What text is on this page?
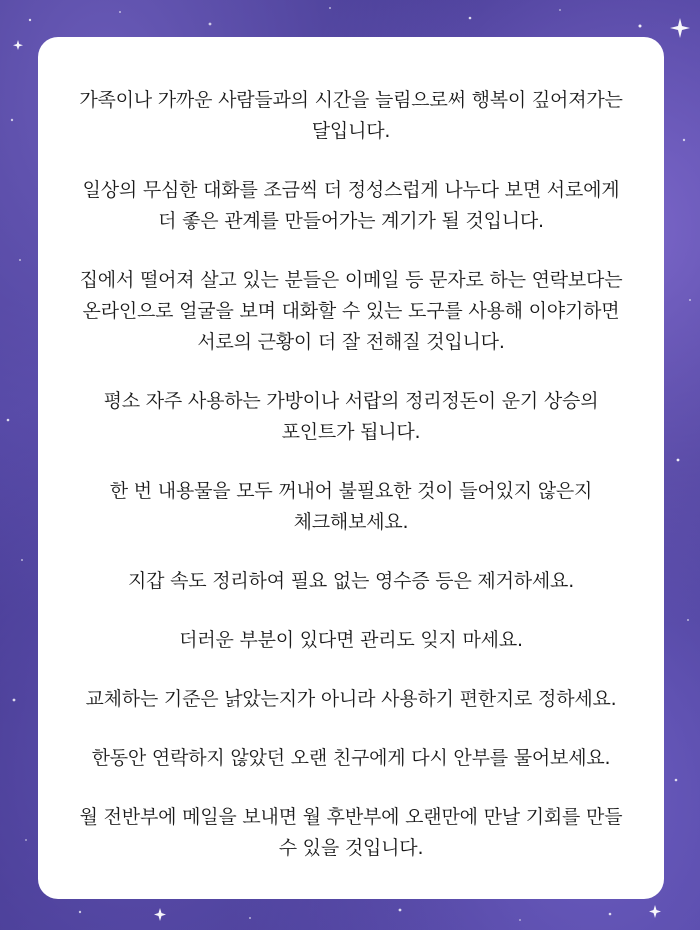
가족이나 가까운 사람들과의 시간을 늘림으로써 행복이 깊어져가는
달입니다.

일상의 무심한 대화를 조금씩 더 정성스럽게 나누다 보면 서로에게
더 좋은 관계를 만들어가는 계기가 될 것입니다.

집에서 떨어져 살고 있는 분들은 이메일 등 문자로 하는 연락보다는
온라인으로 얼굴을 보며 대화할 수 있는 도구를 사용해 이야기하면
서로의 근황이 더 잘 전해질 것입니다.

평소 자주 사용하는 가방이나 서랍의 정리정돈이 운기 상승의
포인트가 됩니다.

한 번 내용물을 모두 꺼내어 불필요한 것이 들어있지 않은지
체크해보세요.

지갑 속도 정리하여 필요 없는 영수증 등은 제거하세요.

더러운 부분이 있다면 관리도 잊지 마세요.

교체하는 기준은 낡았는지가 아니라 사용하기 편한지로 정하세요.

한동안 연락하지 않았던 오랜 친구에게 다시 안부를 물어보세요.

월 전반부에 메일을 보내면 월 후반부에 오랜만에 만날 기회를 만들
수 있을 것입니다.
